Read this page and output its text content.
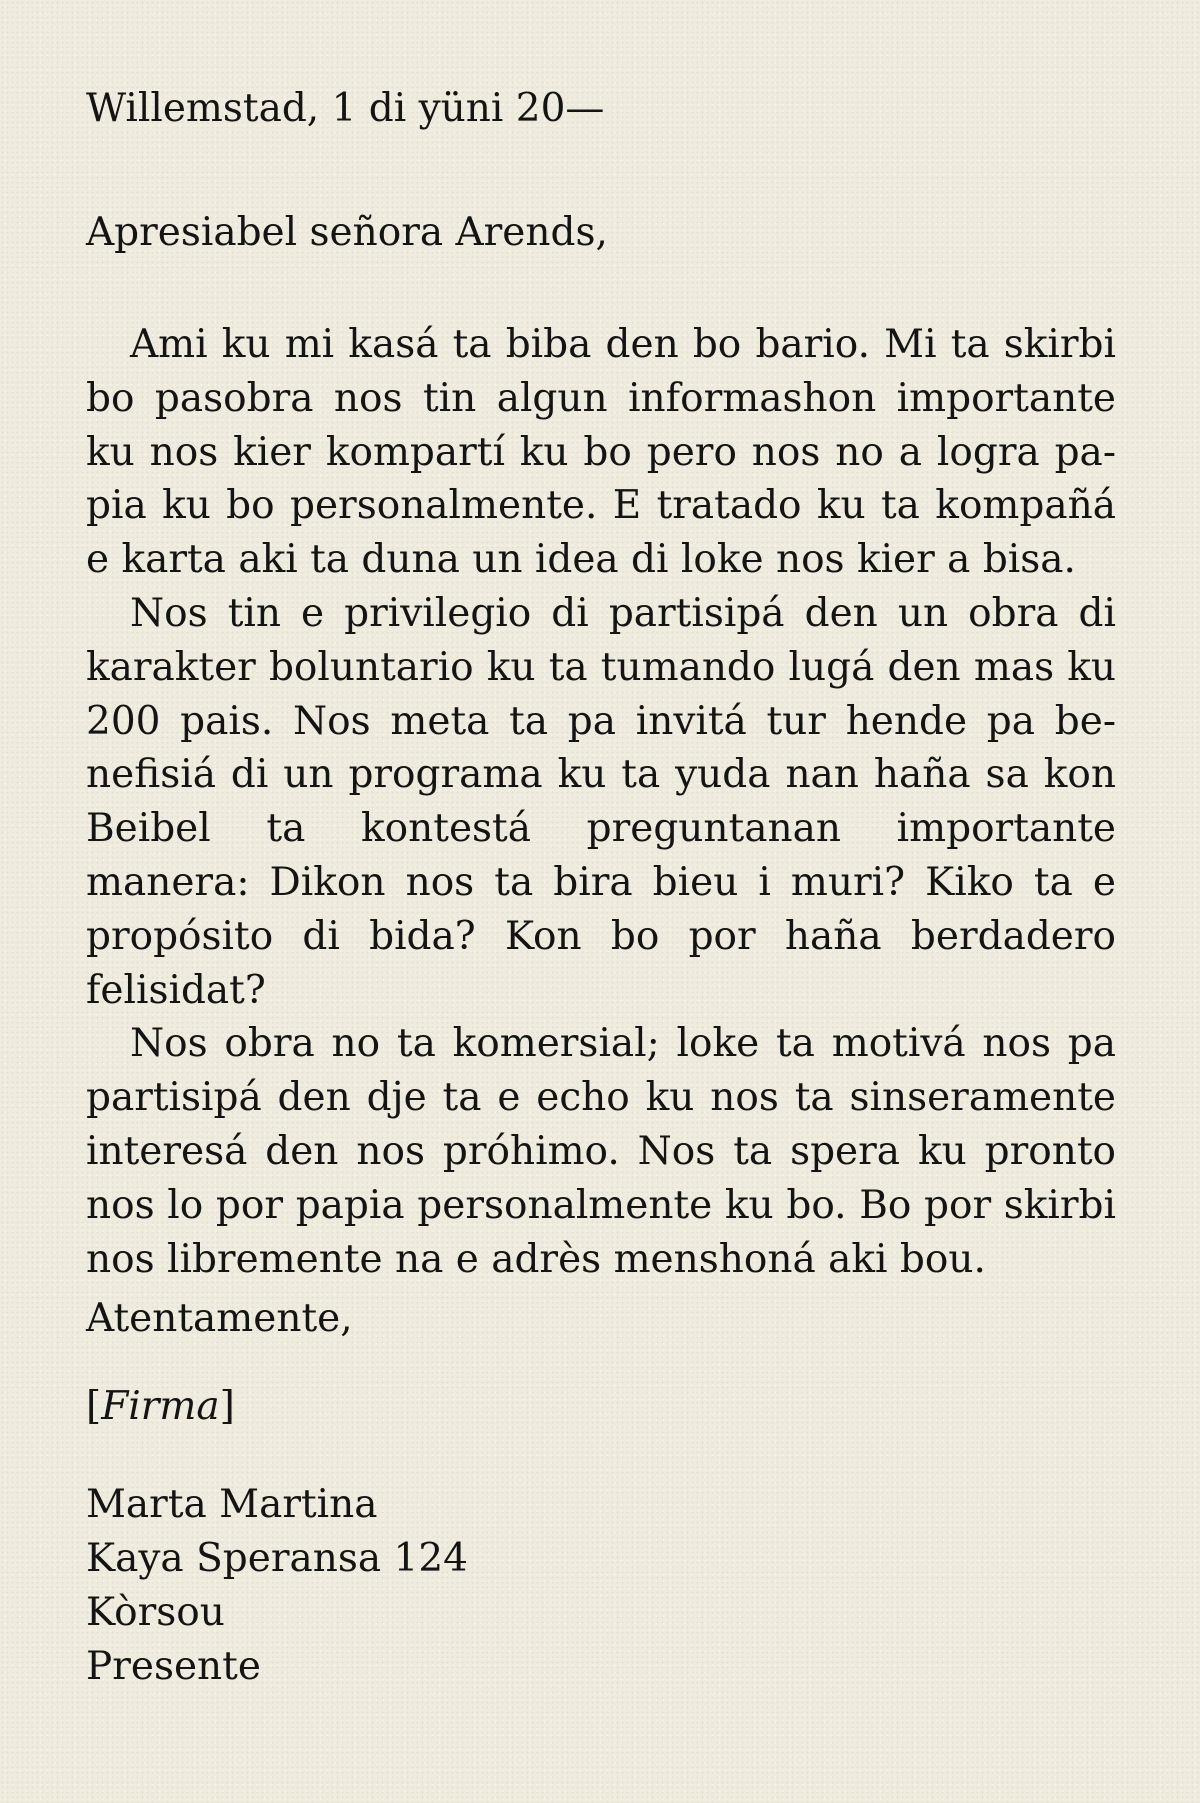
Willemstad, 1 di yüni 20—
Apresiabel señora Arends,

Ami ku mi kasá ta biba den bo bario. Mi ta skirbi bo pasobra nos tin algun informashon importante ku nos kier kompartí ku bo pero nos no a logra papia ku bo personalmente. E tratado ku ta kompañá e karta aki ta duna un idea di loke nos kier a bisa.

Nos tin e privilegio di partisipá den un obra di karakter boluntario ku ta tumando lugá den mas ku 200 pais. Nos meta ta pa invitá tur hende pa benefisiá di un programa ku ta yuda nan haña sa kon Beibel ta kontestá preguntanan importante manera: Dikon nos ta bira bieu i muri? Kiko ta e propósito di bida? Kon bo por haña berdadero felisidat?

Nos obra no ta komersial; loke ta motivá nos pa partisipá den dje ta e echo ku nos ta sinseramente interesá den nos próhimo. Nos ta spera ku pronto nos lo por papia personalmente ku bo. Bo por skirbi nos libremente na e adrès menshoná aki bou.

Atentamente,
[Firma]
Marta Martina
Kaya Speransa 124
Kòrsou
Presente
